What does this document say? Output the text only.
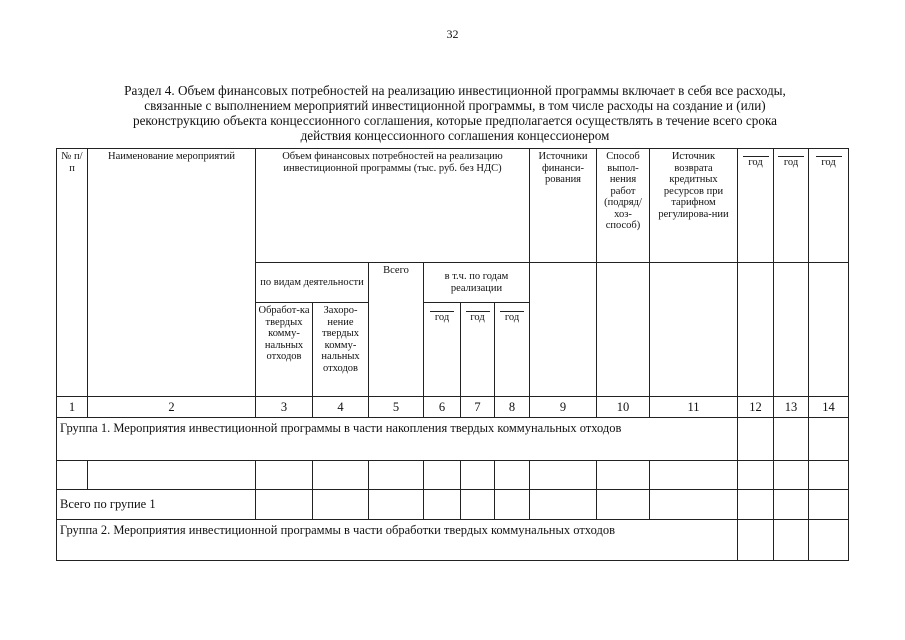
32
Раздел 4. Объем финансовых потребностей на реализацию инвестиционной программы включает в себя все расходы,
связанные с выполнением мероприятий инвестиционной программы, в том числе расходы на создание и (или)
реконструкцию объекта концессионного соглашения, которые предполагается осуществлять в течение всего срока
действия концессионного соглашения концессионером
№ п/п	Наименование мероприятий	Объем финансовых потребностей на реализацию инвестиционной программы (тыс. руб. без НДС)						Источники финанси-рования	Способ выпол-нения работ (подряд/ хоз-способ)	Источник возврата кредитных ресурсов при тарифном регулирова-нии	год	год	год
		по видам деятельности		Всего	в т.ч. по годам реализации								
		Обработ-ка твердых комму-нальных отходов	Захоро-нение твердых комму-нальных отходов		год	год	год						
1	2	3	4	5	6	7	8	9	10	11	12	13	14
Группа 1. Мероприятия инвестиционной программы в части накопления твердых коммунальных отходов													

Всего по групие 1													
Группа 2. Мероприятия инвестиционной программы в части обработки твердых коммунальных отходов													
